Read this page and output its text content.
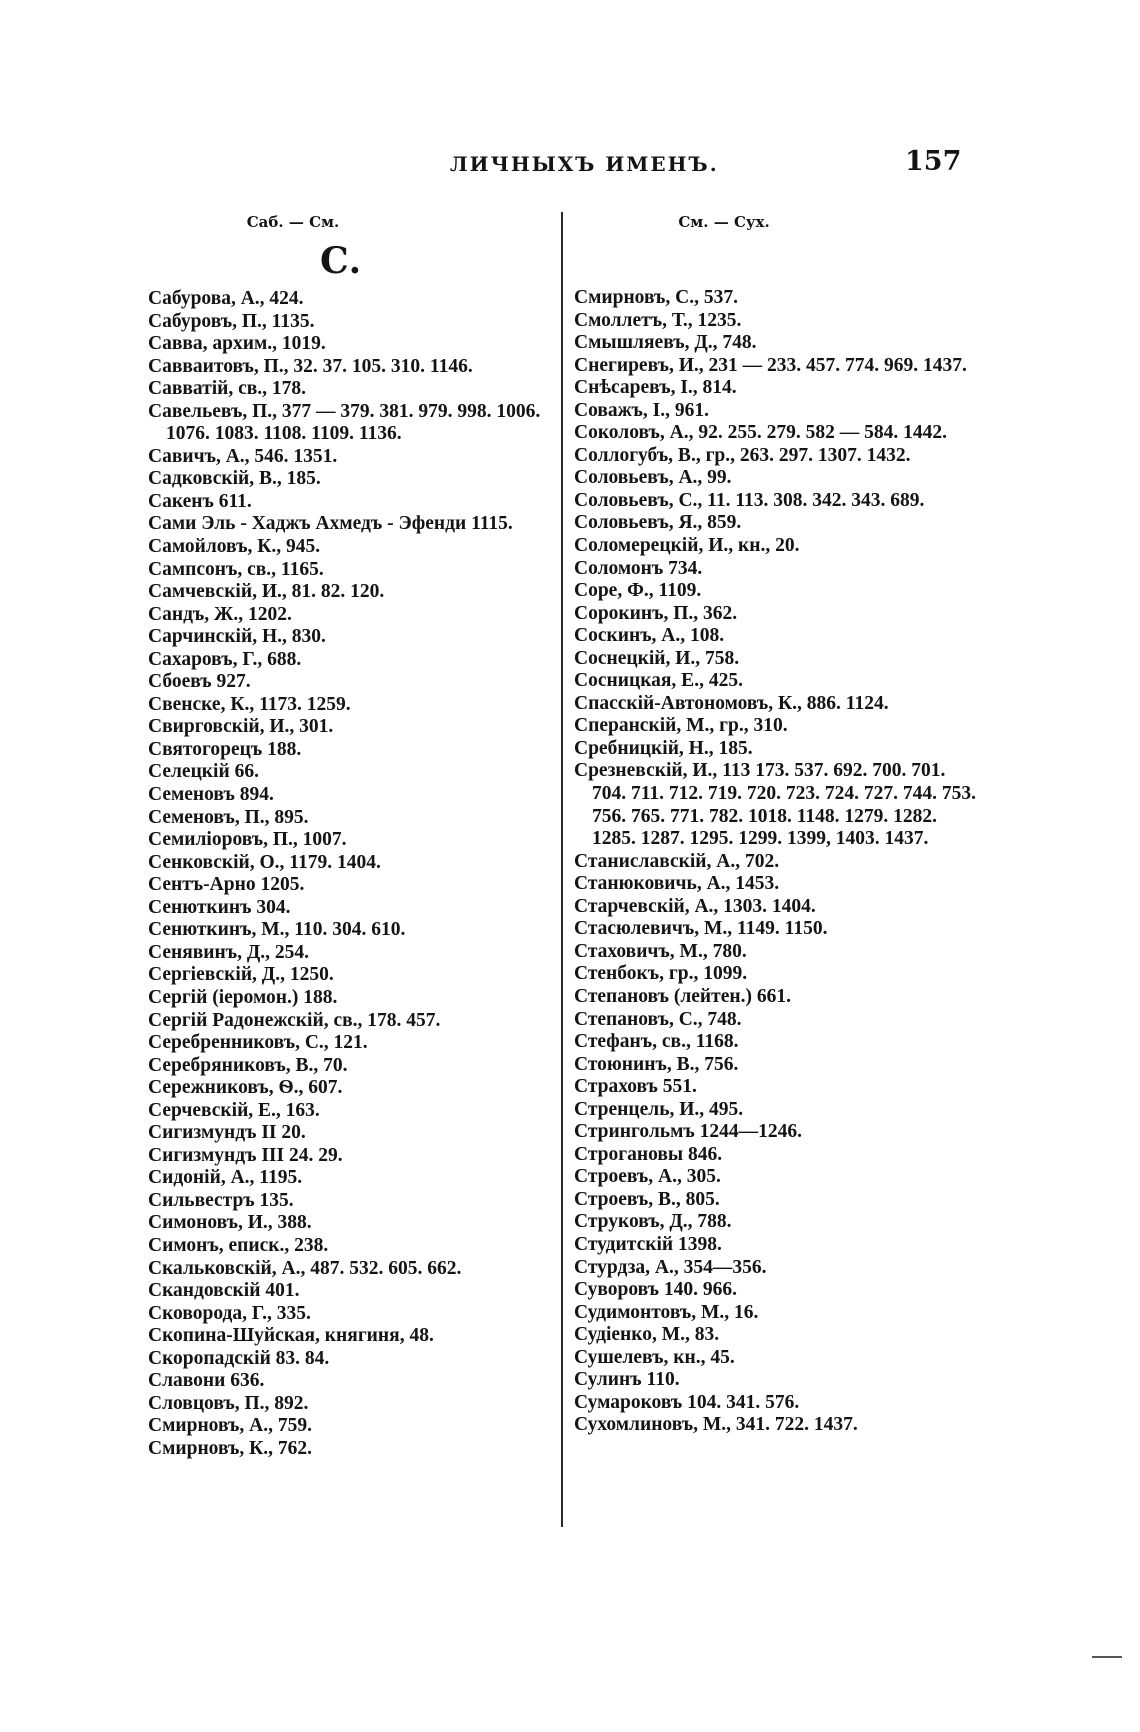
ЛИЧНЫХЪ ИМЕНЪ.	157
Саб. — См.
С.
Сабурова, А., 424.
Сабуровъ, П., 1135.
Савва, архим., 1019.
Савваитовъ, П., 32. 37. 105. 310. 1146.
Савватій, св., 178.
Савельевъ, П., 377 — 379. 381. 979. 998. 1006. 1076. 1083. 1108. 1109. 1136.
Савичъ, А., 546. 1351.
Садковскій, В., 185.
Сакенъ 611.
Сами Эль - Хаджъ Ахмедъ - Эфенди 1115.
Самойловъ, К., 945.
Сампсонъ, св., 1165.
Самчевскій, И., 81. 82. 120.
Сандъ, Ж., 1202.
Сарчинскій, Н., 830.
Сахаровъ, Г., 688.
Сбоевъ 927.
Свенске, К., 1173. 1259.
Свирговскій, И., 301.
Святогорецъ 188.
Селецкій 66.
Семеновъ 894.
Семеновъ, П., 895.
Семиліоровъ, П., 1007.
Сенковскій, О., 1179. 1404.
Сентъ-Арно 1205.
Сенюткинъ 304.
Сенюткинъ, М., 110. 304. 610.
Сенявинъ, Д., 254.
Сергіевскій, Д., 1250.
Сергій (іеромон.) 188.
Сергій Радонежскій, св., 178. 457.
Серебренниковъ, С., 121.
Серебряниковъ, В., 70.
Сережниковъ, Ѳ., 607.
Серчевскій, Е., 163.
Сигизмундъ II 20.
Сигизмундъ III 24. 29.
Сидоній, А., 1195.
Сильвестръ 135.
Симоновъ, И., 388.
Симонъ, еписк., 238.
Скальковскій, А., 487. 532. 605. 662.
Скандовскій 401.
Сковорода, Г., 335.
Скопина-Шуйская, княгиня, 48.
Скоропадскій 83. 84.
Славони 636.
Словцовъ, П., 892.
Смирновъ, А., 759.
Смирновъ, К., 762.
См. — Сух.
Смирновъ, С., 537.
Смоллетъ, Т., 1235.
Смышляевъ, Д., 748.
Снегиревъ, И., 231 — 233. 457. 774. 969. 1437.
Снѣсаревъ, І., 814.
Соважъ, І., 961.
Соколовъ, А., 92. 255. 279. 582 — 584. 1442.
Соллогубъ, В., гр., 263. 297. 1307. 1432.
Соловьевъ, А., 99.
Соловьевъ, С., 11. 113. 308. 342. 343. 689.
Соловьевъ, Я., 859.
Соломерецкій, И., кн., 20.
Соломонъ 734.
Соре, Ф., 1109.
Сорокинъ, П., 362.
Соскинъ, А., 108.
Соснецкій, И., 758.
Сосницкая, Е., 425.
Спасскій-Автономовъ, К., 886. 1124.
Сперанскій, М., гр., 310.
Сребницкій, Н., 185.
Срезневскій, И., 113 173. 537. 692. 700. 701. 704. 711. 712. 719. 720. 723. 724. 727. 744. 753. 756. 765. 771. 782. 1018. 1148. 1279. 1282. 1285. 1287. 1295. 1299. 1399, 1403. 1437.
Станиславскій, А., 702.
Станюковичь, А., 1453.
Старчевскій, А., 1303. 1404.
Стасюлевичъ, М., 1149. 1150.
Стаховичъ, М., 780.
Стенбокъ, гр., 1099.
Степановъ (лейтен.) 661.
Степановъ, С., 748.
Стефанъ, св., 1168.
Стоюнинъ, В., 756.
Страховъ 551.
Стренцель, И., 495.
Стрингольмъ 1244—1246.
Строгановы 846.
Строевъ, А., 305.
Строевъ, В., 805.
Струковъ, Д., 788.
Студитскій 1398.
Стурдза, А., 354—356.
Суворовъ 140. 966.
Судимонтовъ, М., 16.
Судіенко, М., 83.
Сушелевъ, кн., 45.
Сулинъ 110.
Сумароковъ 104. 341. 576.
Сухомлиновъ, М., 341. 722. 1437.
